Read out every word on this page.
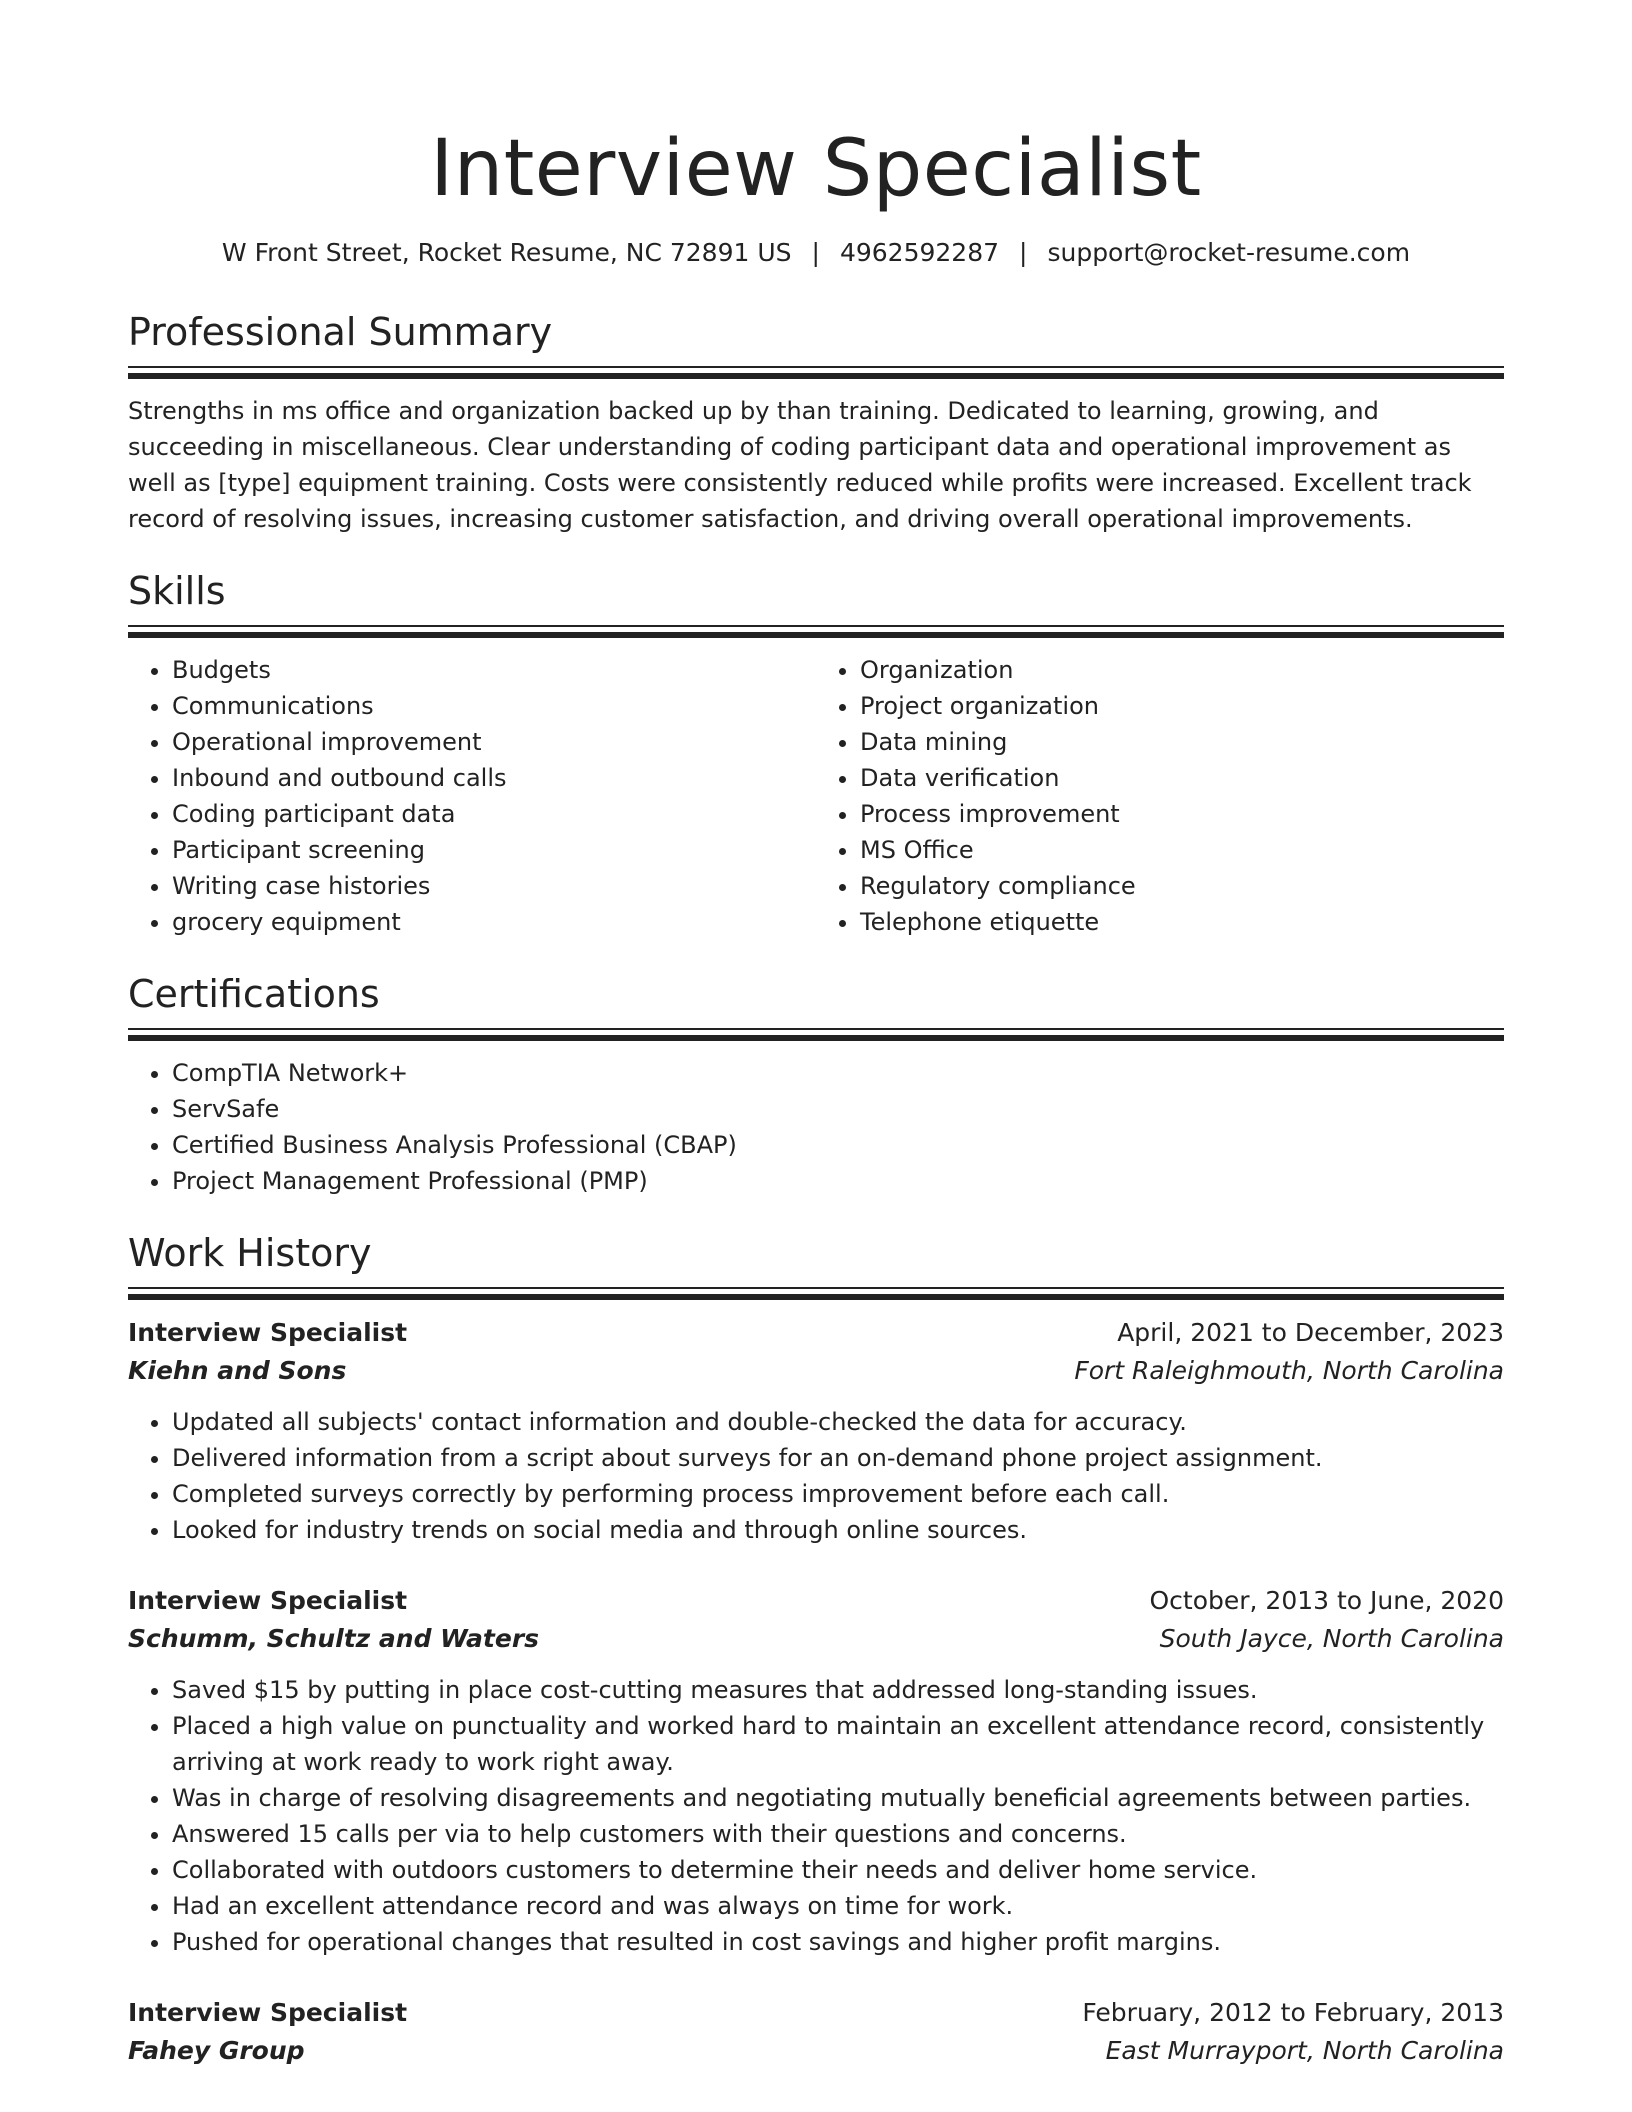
Interview Specialist
W Front Street, Rocket Resume, NC 72891 US | 4962592287 | support@rocket-resume.com
Professional Summary
Strengths in ms office and organization backed up by than training. Dedicated to learning, growing, and succeeding in miscellaneous. Clear understanding of coding participant data and operational improvement as well as [type] equipment training. Costs were consistently reduced while profits were increased. Excellent track record of resolving issues, increasing customer satisfaction, and driving overall operational improvements.
Skills
• Budgets
• Communications
• Operational improvement
• Inbound and outbound calls
• Coding participant data
• Participant screening
• Writing case histories
• grocery equipment
• Organization
• Project organization
• Data mining
• Data verification
• Process improvement
• MS Office
• Regulatory compliance
• Telephone etiquette
Certifications
• CompTIA Network+
• ServSafe
• Certified Business Analysis Professional (CBAP)
• Project Management Professional (PMP)
Work History
Interview Specialist	April, 2021 to December, 2023
Kiehn and Sons	Fort Raleighmouth, North Carolina
• Updated all subjects' contact information and double-checked the data for accuracy.
• Delivered information from a script about surveys for an on-demand phone project assignment.
• Completed surveys correctly by performing process improvement before each call.
• Looked for industry trends on social media and through online sources.
Interview Specialist	October, 2013 to June, 2020
Schumm, Schultz and Waters	South Jayce, North Carolina
• Saved $15 by putting in place cost-cutting measures that addressed long-standing issues.
• Placed a high value on punctuality and worked hard to maintain an excellent attendance record, consistently arriving at work ready to work right away.
• Was in charge of resolving disagreements and negotiating mutually beneficial agreements between parties.
• Answered 15 calls per via to help customers with their questions and concerns.
• Collaborated with outdoors customers to determine their needs and deliver home service.
• Had an excellent attendance record and was always on time for work.
• Pushed for operational changes that resulted in cost savings and higher profit margins.
Interview Specialist	February, 2012 to February, 2013
Fahey Group	East Murrayport, North Carolina
